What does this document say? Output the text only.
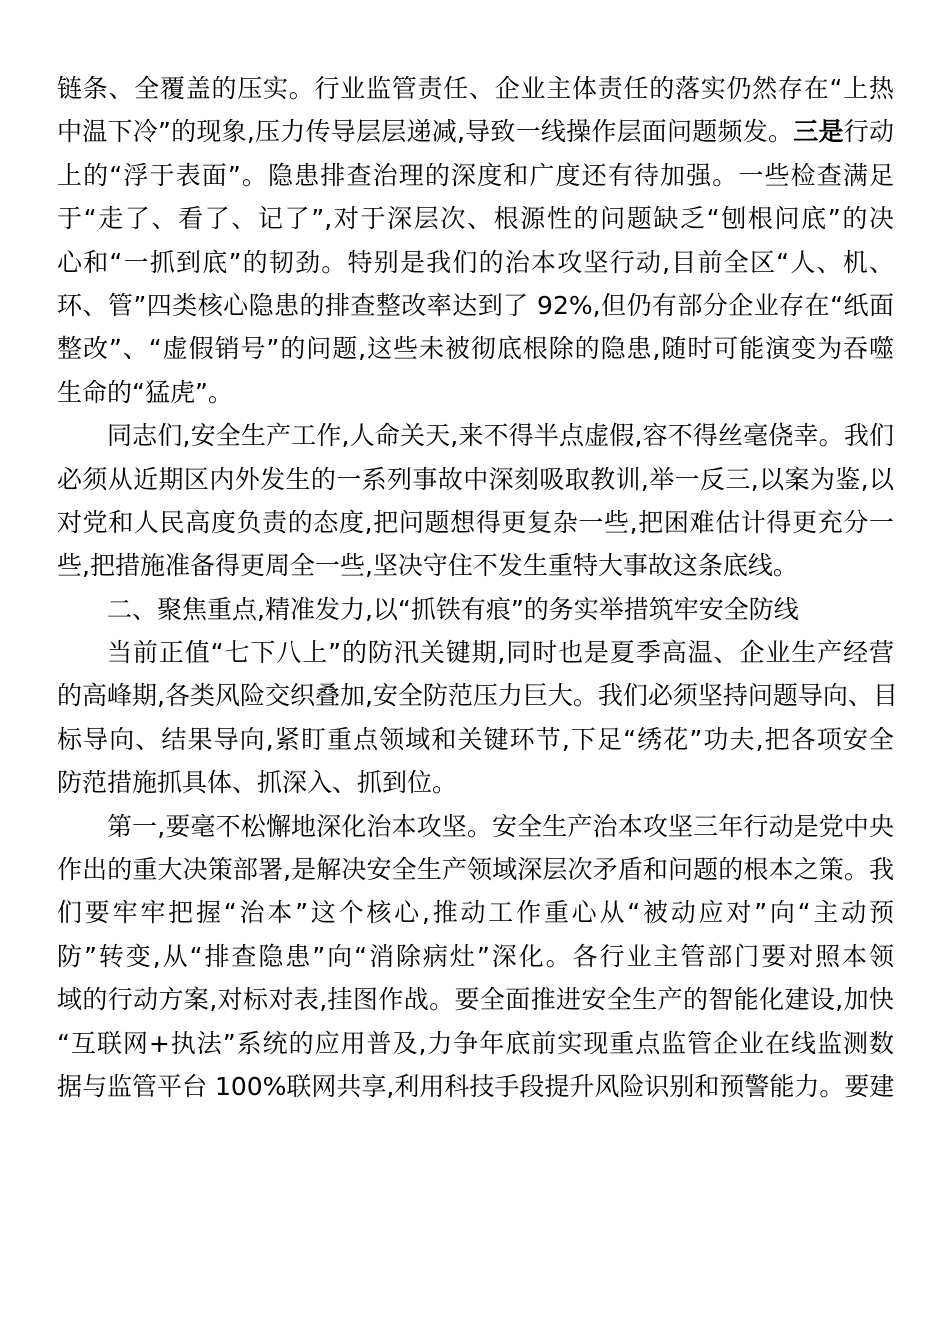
链条、全覆盖的压实。行业监管责任、企业主体责任的落实仍然存在“上热
中温下冷”的现象,压力传导层层递减,导致一线操作层面问题频发。三是行动
上的“浮于表面”。隐患排查治理的深度和广度还有待加强。一些检查满足
于“走了、看了、记了”,对于深层次、根源性的问题缺乏“刨根问底”的决
心和“一抓到底”的韧劲。特别是我们的治本攻坚行动,目前全区“人、机、
环、管”四类核心隐患的排查整改率达到了 92%,但仍有部分企业存在“纸面
整改”、“虚假销号”的问题,这些未被彻底根除的隐患,随时可能演变为吞噬
生命的“猛虎”。
同志们,安全生产工作,人命关天,来不得半点虚假,容不得丝毫侥幸。我们
必须从近期区内外发生的一系列事故中深刻吸取教训,举一反三,以案为鉴,以
对党和人民高度负责的态度,把问题想得更复杂一些,把困难估计得更充分一
些,把措施准备得更周全一些,坚决守住不发生重特大事故这条底线。
二、聚焦重点,精准发力,以“抓铁有痕”的务实举措筑牢安全防线
当前正值“七下八上”的防汛关键期,同时也是夏季高温、企业生产经营
的高峰期,各类风险交织叠加,安全防范压力巨大。我们必须坚持问题导向、目
标导向、结果导向,紧盯重点领域和关键环节,下足“绣花”功夫,把各项安全
防范措施抓具体、抓深入、抓到位。
第一,要毫不松懈地深化治本攻坚。安全生产治本攻坚三年行动是党中央
作出的重大决策部署,是解决安全生产领域深层次矛盾和问题的根本之策。我
们要牢牢把握“治本”这个核心,推动工作重心从“被动应对”向“主动预
防”转变,从“排查隐患”向“消除病灶”深化。各行业主管部门要对照本领
域的行动方案,对标对表,挂图作战。要全面推进安全生产的智能化建设,加快
“互联网+执法”系统的应用普及,力争年底前实现重点监管企业在线监测数
据与监管平台 100%联网共享,利用科技手段提升风险识别和预警能力。要建
